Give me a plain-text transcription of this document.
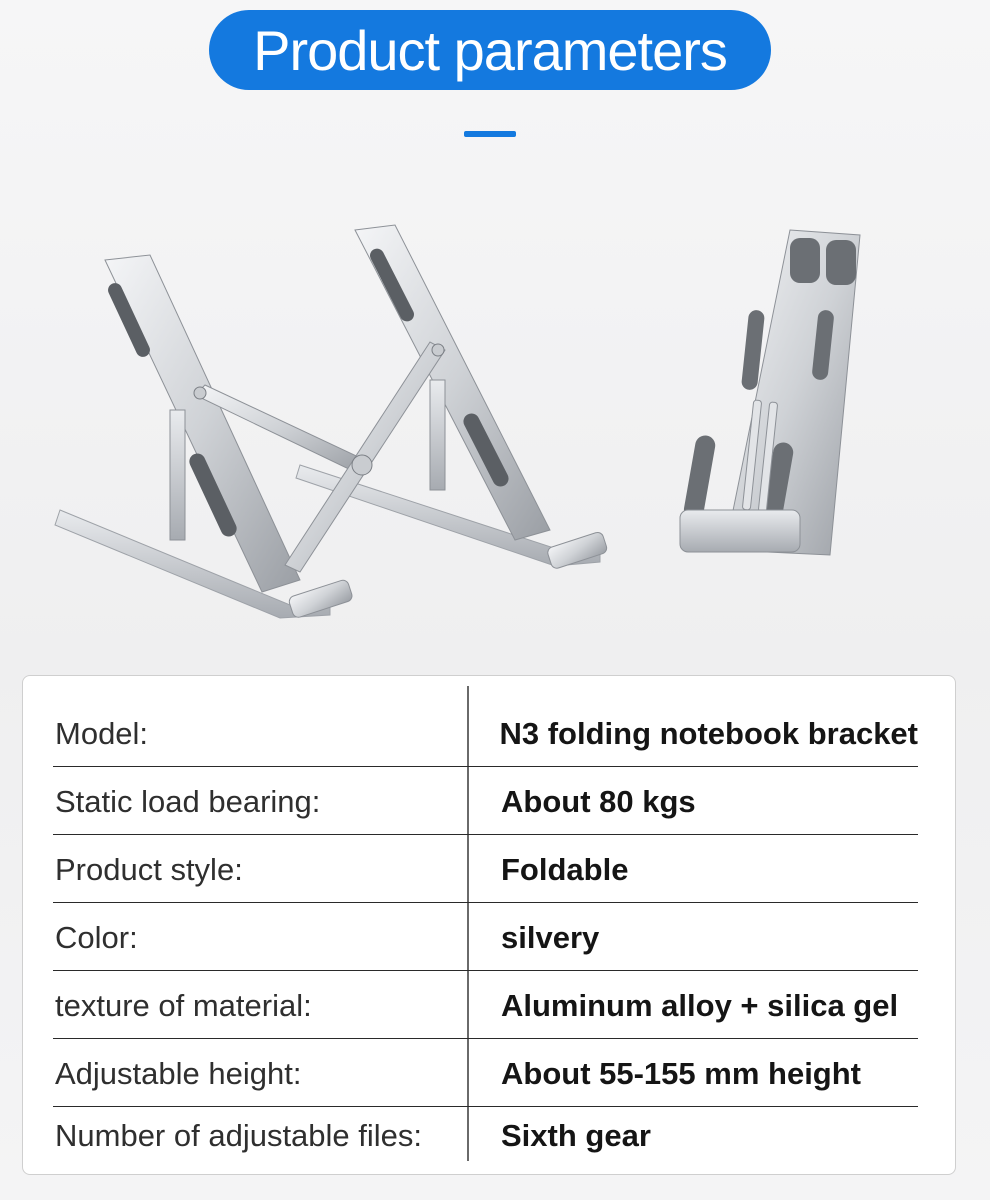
Product parameters
Model:	N3 folding notebook bracket
Static load bearing:	About 80 kgs
Product style:	Foldable
Color:	silvery
texture of material:	Aluminum alloy + silica gel
Adjustable height:	About 55-155 mm height
Number of adjustable files:	Sixth gear
